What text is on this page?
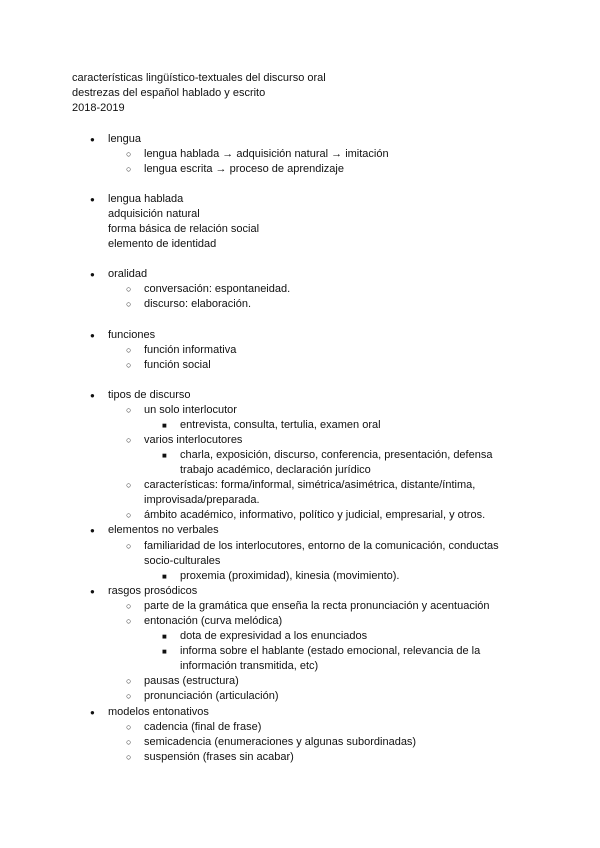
características lingüístico-textuales del discurso oral
destrezas del español hablado y escrito
2018-2019
● lengua
○ lengua hablada → adquisición natural → imitación
○ lengua escrita → proceso de aprendizaje
● lengua hablada
adquisición natural
forma básica de relación social
elemento de identidad
● oralidad
○ conversación: espontaneidad.
○ discurso: elaboración.
● funciones
○ función informativa
○ función social
● tipos de discurso
○ un solo interlocutor
■ entrevista, consulta, tertulia, examen oral
○ varios interlocutores
■ charla, exposición, discurso, conferencia, presentación, defensa
trabajo académico, declaración jurídico
○ características: forma/informal, simétrica/asimétrica, distante/íntima,
improvisada/preparada.
○ ámbito académico, informativo, político y judicial, empresarial, y otros.
● elementos no verbales
○ familiaridad de los interlocutores, entorno de la comunicación, conductas
socio-culturales
■ proxemia (proximidad), kinesia (movimiento).
● rasgos prosódicos
○ parte de la gramática que enseña la recta pronunciación y acentuación
○ entonación (curva melódica)
■ dota de expresividad a los enunciados
■ informa sobre el hablante (estado emocional, relevancia de la
información transmitida, etc)
○ pausas (estructura)
○ pronunciación (articulación)
● modelos entonativos
○ cadencia (final de frase)
○ semicadencia (enumeraciones y algunas subordinadas)
○ suspensión (frases sin acabar)
